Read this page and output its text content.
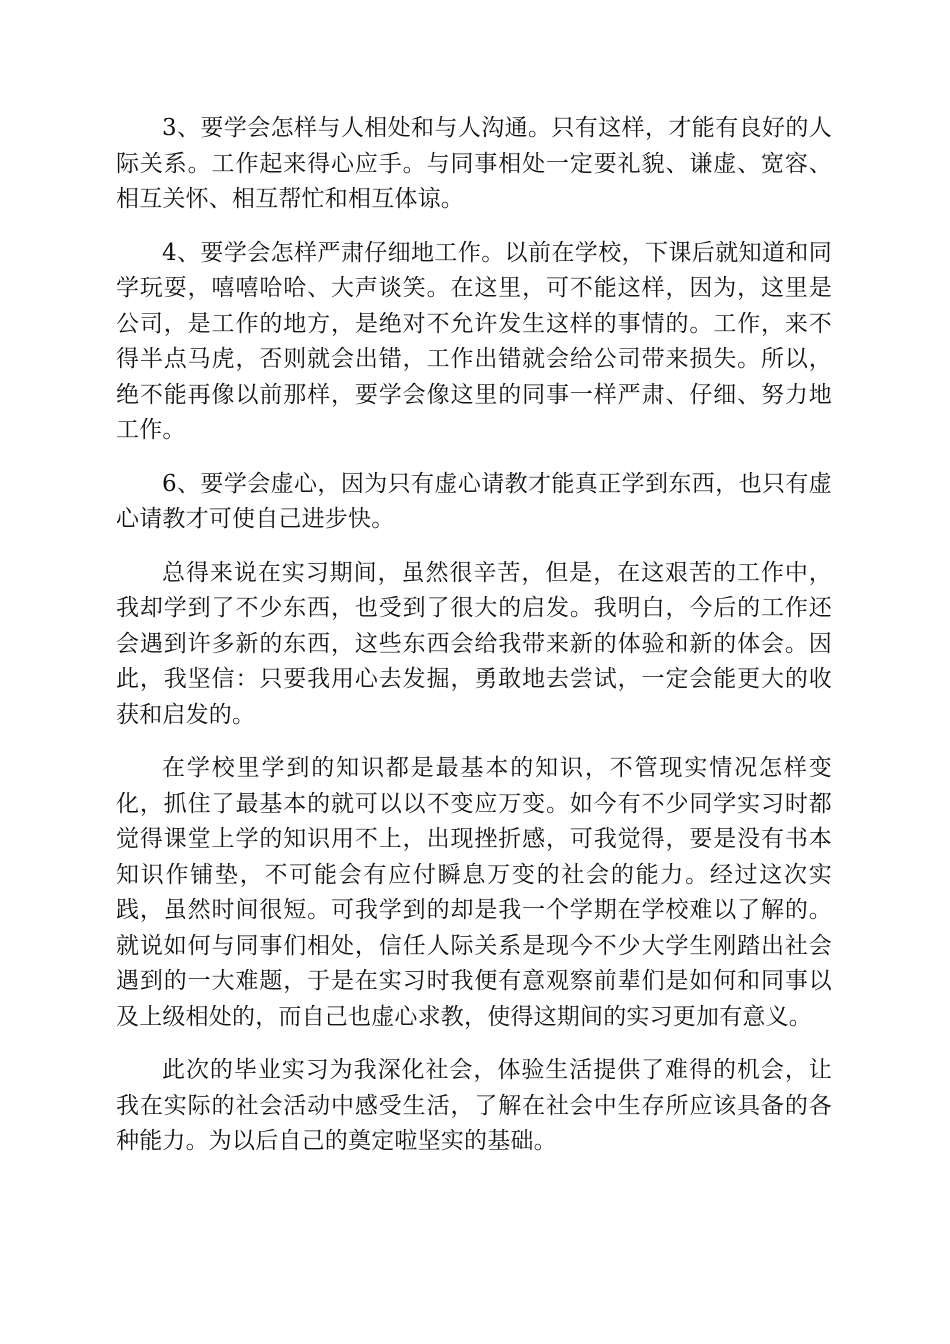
3、要学会怎样与人相处和与人沟通。只有这样，才能有良好的人际关系。工作起来得心应手。与同事相处一定要礼貌、谦虚、宽容、相互关怀、相互帮忙和相互体谅。

4、要学会怎样严肃仔细地工作。以前在学校，下课后就知道和同学玩耍，嘻嘻哈哈、大声谈笑。在这里，可不能这样，因为，这里是公司，是工作的地方，是绝对不允许发生这样的事情的。工作，来不得半点马虎，否则就会出错，工作出错就会给公司带来损失。所以，绝不能再像以前那样，要学会像这里的同事一样严肃、仔细、努力地工作。

6、要学会虚心，因为只有虚心请教才能真正学到东西，也只有虚心请教才可使自己进步快。

总得来说在实习期间，虽然很辛苦，但是，在这艰苦的工作中，我却学到了不少东西，也受到了很大的启发。我明白，今后的工作还会遇到许多新的东西，这些东西会给我带来新的体验和新的体会。因此，我坚信：只要我用心去发掘，勇敢地去尝试，一定会能更大的收获和启发的。

在学校里学到的知识都是最基本的知识，不管现实情况怎样变化，抓住了最基本的就可以以不变应万变。如今有不少同学实习时都觉得课堂上学的知识用不上，出现挫折感，可我觉得，要是没有书本知识作铺垫，不可能会有应付瞬息万变的社会的能力。经过这次实践，虽然时间很短。可我学到的却是我一个学期在学校难以了解的。就说如何与同事们相处，信任人际关系是现今不少大学生刚踏出社会遇到的一大难题，于是在实习时我便有意观察前辈们是如何和同事以及上级相处的，而自己也虚心求教，使得这期间的实习更加有意义。

此次的毕业实习为我深化社会，体验生活提供了难得的机会，让我在实际的社会活动中感受生活，了解在社会中生存所应该具备的各种能力。为以后自己的奠定啦坚实的基础。
